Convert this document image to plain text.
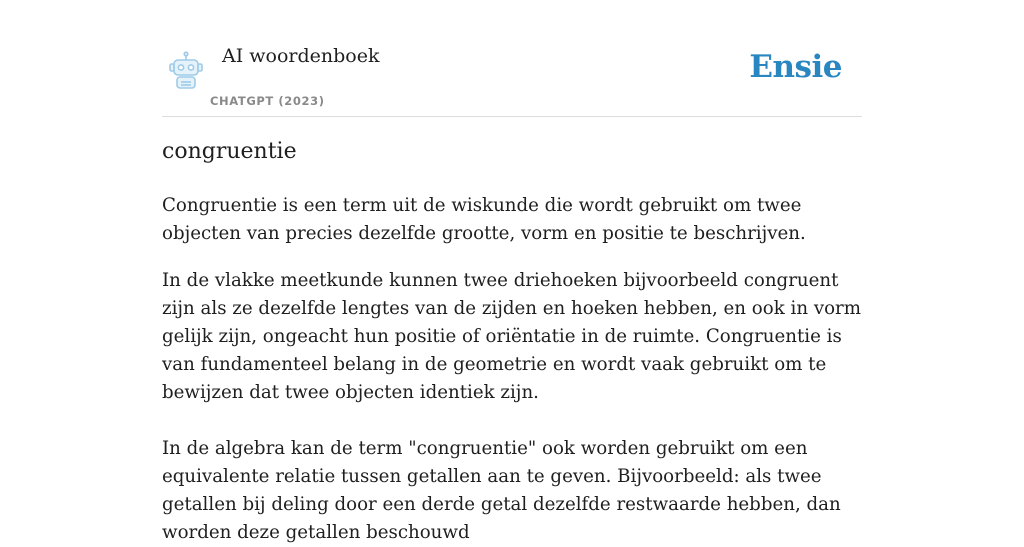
AI woordenboek
CHATGPT (2023)
Ensie
congruentie

Congruentie is een term uit de wiskunde die wordt gebruikt om twee objecten van precies dezelfde grootte, vorm en positie te beschrijven.

In de vlakke meetkunde kunnen twee driehoeken bijvoorbeeld congruent zijn als ze dezelfde lengtes van de zijden en hoeken hebben, en ook in vorm gelijk zijn, ongeacht hun positie of oriëntatie in de ruimte. Congruentie is van fundamenteel belang in de geometrie en wordt vaak gebruikt om te bewijzen dat twee objecten identiek zijn.

In de algebra kan de term "congruentie" ook worden gebruikt om een equivalente relatie tussen getallen aan te geven. Bijvoorbeeld: als twee getallen bij deling door een derde getal dezelfde restwaarde hebben, dan worden deze getallen beschouwd
